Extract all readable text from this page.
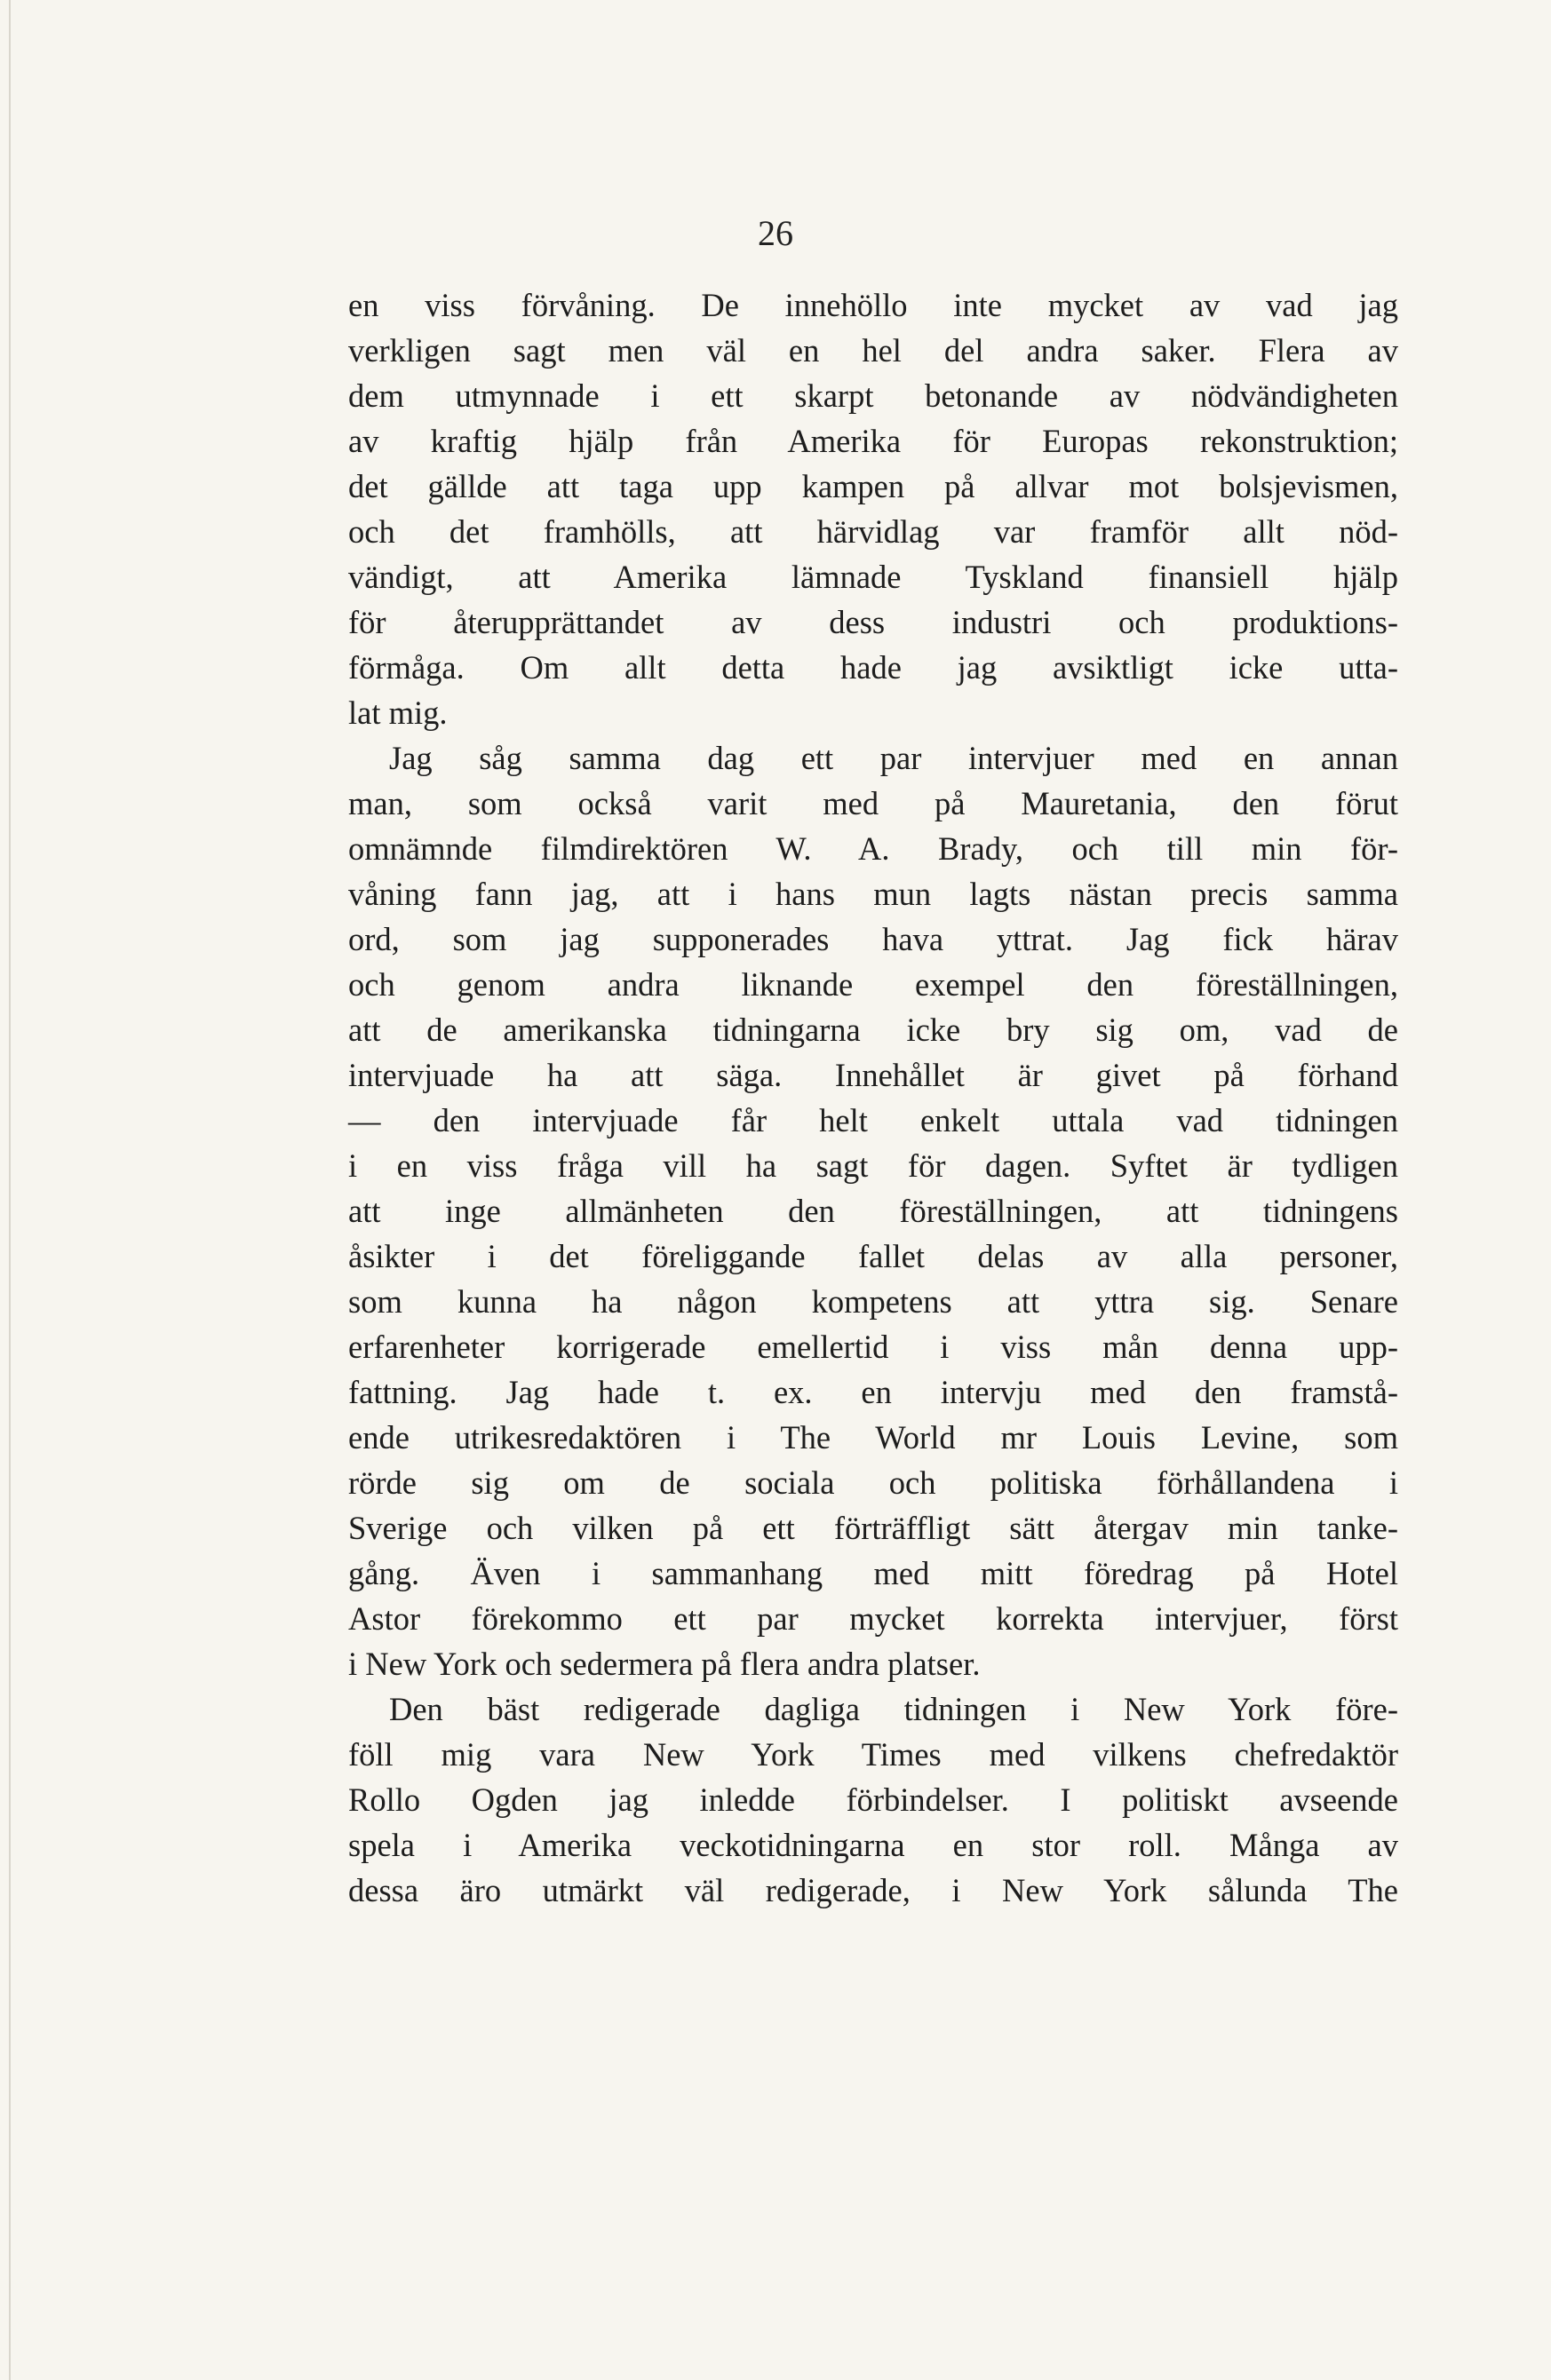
26
en viss förvåning. De innehöllo inte mycket av vad jag
verkligen sagt men väl en hel del andra saker. Flera av
dem utmynnade i ett skarpt betonande av nödvändigheten
av kraftig hjälp från Amerika för Europas rekonstruktion;
det gällde att taga upp kampen på allvar mot bolsjevismen,
och det framhölls, att härvidlag var framför allt nöd-
vändigt, att Amerika lämnade Tyskland finansiell hjälp
för återupprättandet av dess industri och produktions-
förmåga. Om allt detta hade jag avsiktligt icke utta-
lat mig.
Jag såg samma dag ett par intervjuer med en annan
man, som också varit med på Mauretania, den förut
omnämnde filmdirektören W. A. Brady, och till min för-
våning fann jag, att i hans mun lagts nästan precis samma
ord, som jag supponerades hava yttrat. Jag fick härav
och genom andra liknande exempel den föreställningen,
att de amerikanska tidningarna icke bry sig om, vad de
intervjuade ha att säga. Innehållet är givet på förhand
— den intervjuade får helt enkelt uttala vad tidningen
i en viss fråga vill ha sagt för dagen. Syftet är tydligen
att inge allmänheten den föreställningen, att tidningens
åsikter i det föreliggande fallet delas av alla personer,
som kunna ha någon kompetens att yttra sig. Senare
erfarenheter korrigerade emellertid i viss mån denna upp-
fattning. Jag hade t. ex. en intervju med den framstå-
ende utrikesredaktören i The World mr Louis Levine, som
rörde sig om de sociala och politiska förhållandena i
Sverige och vilken på ett förträffligt sätt återgav min tanke-
gång. Även i sammanhang med mitt föredrag på Hotel
Astor förekommo ett par mycket korrekta intervjuer, först
i New York och sedermera på flera andra platser.
Den bäst redigerade dagliga tidningen i New York före-
föll mig vara New York Times med vilkens chefredaktör
Rollo Ogden jag inledde förbindelser. I politiskt avseende
spela i Amerika veckotidningarna en stor roll. Många av
dessa äro utmärkt väl redigerade, i New York sålunda The
